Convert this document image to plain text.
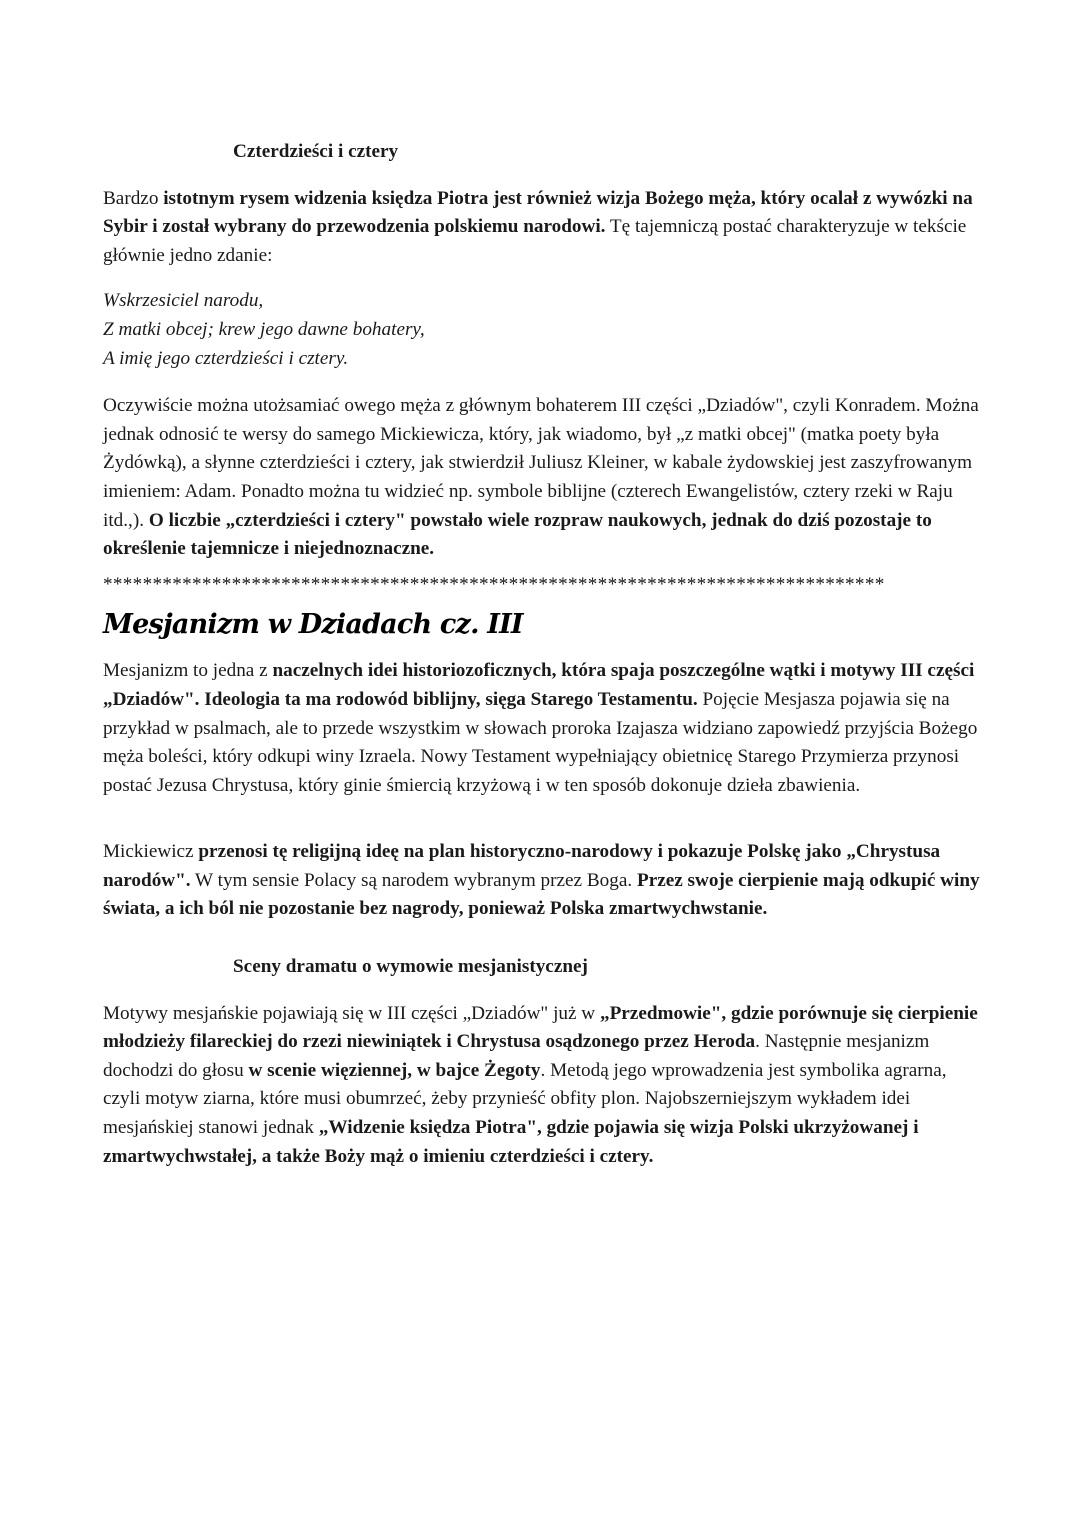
Czterdzieści i cztery

Bardzo istotnym rysem widzenia księdza Piotra jest również wizja Bożego męża, który ocalał z wywózki na Sybir i został wybrany do przewodzenia polskiemu narodowi. Tę tajemniczą postać charakteryzuje w tekście głównie jedno zdanie:

Wskrzesiciel narodu,

Z matki obcej; krew jego dawne bohatery,

A imię jego czterdzieści i cztery.

Oczywiście można utożsamiać owego męża z głównym bohaterem III części „Dziadów", czyli Konradem. Można jednak odnosić te wersy do samego Mickiewicza, który, jak wiadomo, był „z matki obcej" (matka poety była Żydówką), a słynne czterdzieści i cztery, jak stwierdził Juliusz Kleiner, w kabale żydowskiej jest zaszyfrowanym imieniem: Adam. Ponadto można tu widzieć np. symbole biblijne (czterech Ewangelistów, cztery rzeki w Raju itd.,). O liczbie „czterdzieści i cztery" powstało wiele rozpraw naukowych, jednak do dziś pozostaje to określenie tajemnicze i niejednoznaczne.

*******************************************************************************

Mesjanizm w Dziadach cz. III

Mesjanizm to jedna z naczelnych idei historiozoficznych, która spaja poszczególne wątki i motywy III części „Dziadów". Ideologia ta ma rodowód biblijny, sięga Starego Testamentu. Pojęcie Mesjasza pojawia się na przykład w psalmach, ale to przede wszystkim w słowach proroka Izajasza widziano zapowiedź przyjścia Bożego męża boleści, który odkupi winy Izraela. Nowy Testament wypełniający obietnicę Starego Przymierza przynosi postać Jezusa Chrystusa, który ginie śmiercią krzyżową i w ten sposób dokonuje dzieła zbawienia.

Mickiewicz przenosi tę religijną ideę na plan historyczno-narodowy i pokazuje Polskę jako „Chrystusa narodów". W tym sensie Polacy są narodem wybranym przez Boga. Przez swoje cierpienie mają odkupić winy świata, a ich ból nie pozostanie bez nagrody, ponieważ Polska zmartwychwstanie.

Sceny dramatu o wymowie mesjanistycznej

Motywy mesjańskie pojawiają się w III części „Dziadów" już w „Przedmowie", gdzie porównuje się cierpienie młodzieży filareckiej do rzezi niewiniątek i Chrystusa osądzonego przez Heroda. Następnie mesjanizm dochodzi do głosu w scenie więziennej, w bajce Żegoty. Metodą jego wprowadzenia jest symbolika agrarna, czyli motyw ziarna, które musi obumrzeć, żeby przynieść obfity plon. Najobszerniejszym wykładem idei mesjańskiej stanowi jednak „Widzenie księdza Piotra", gdzie pojawia się wizja Polski ukrzyżowanej i zmartwychwstałej, a także Boży mąż o imieniu czterdzieści i cztery.
